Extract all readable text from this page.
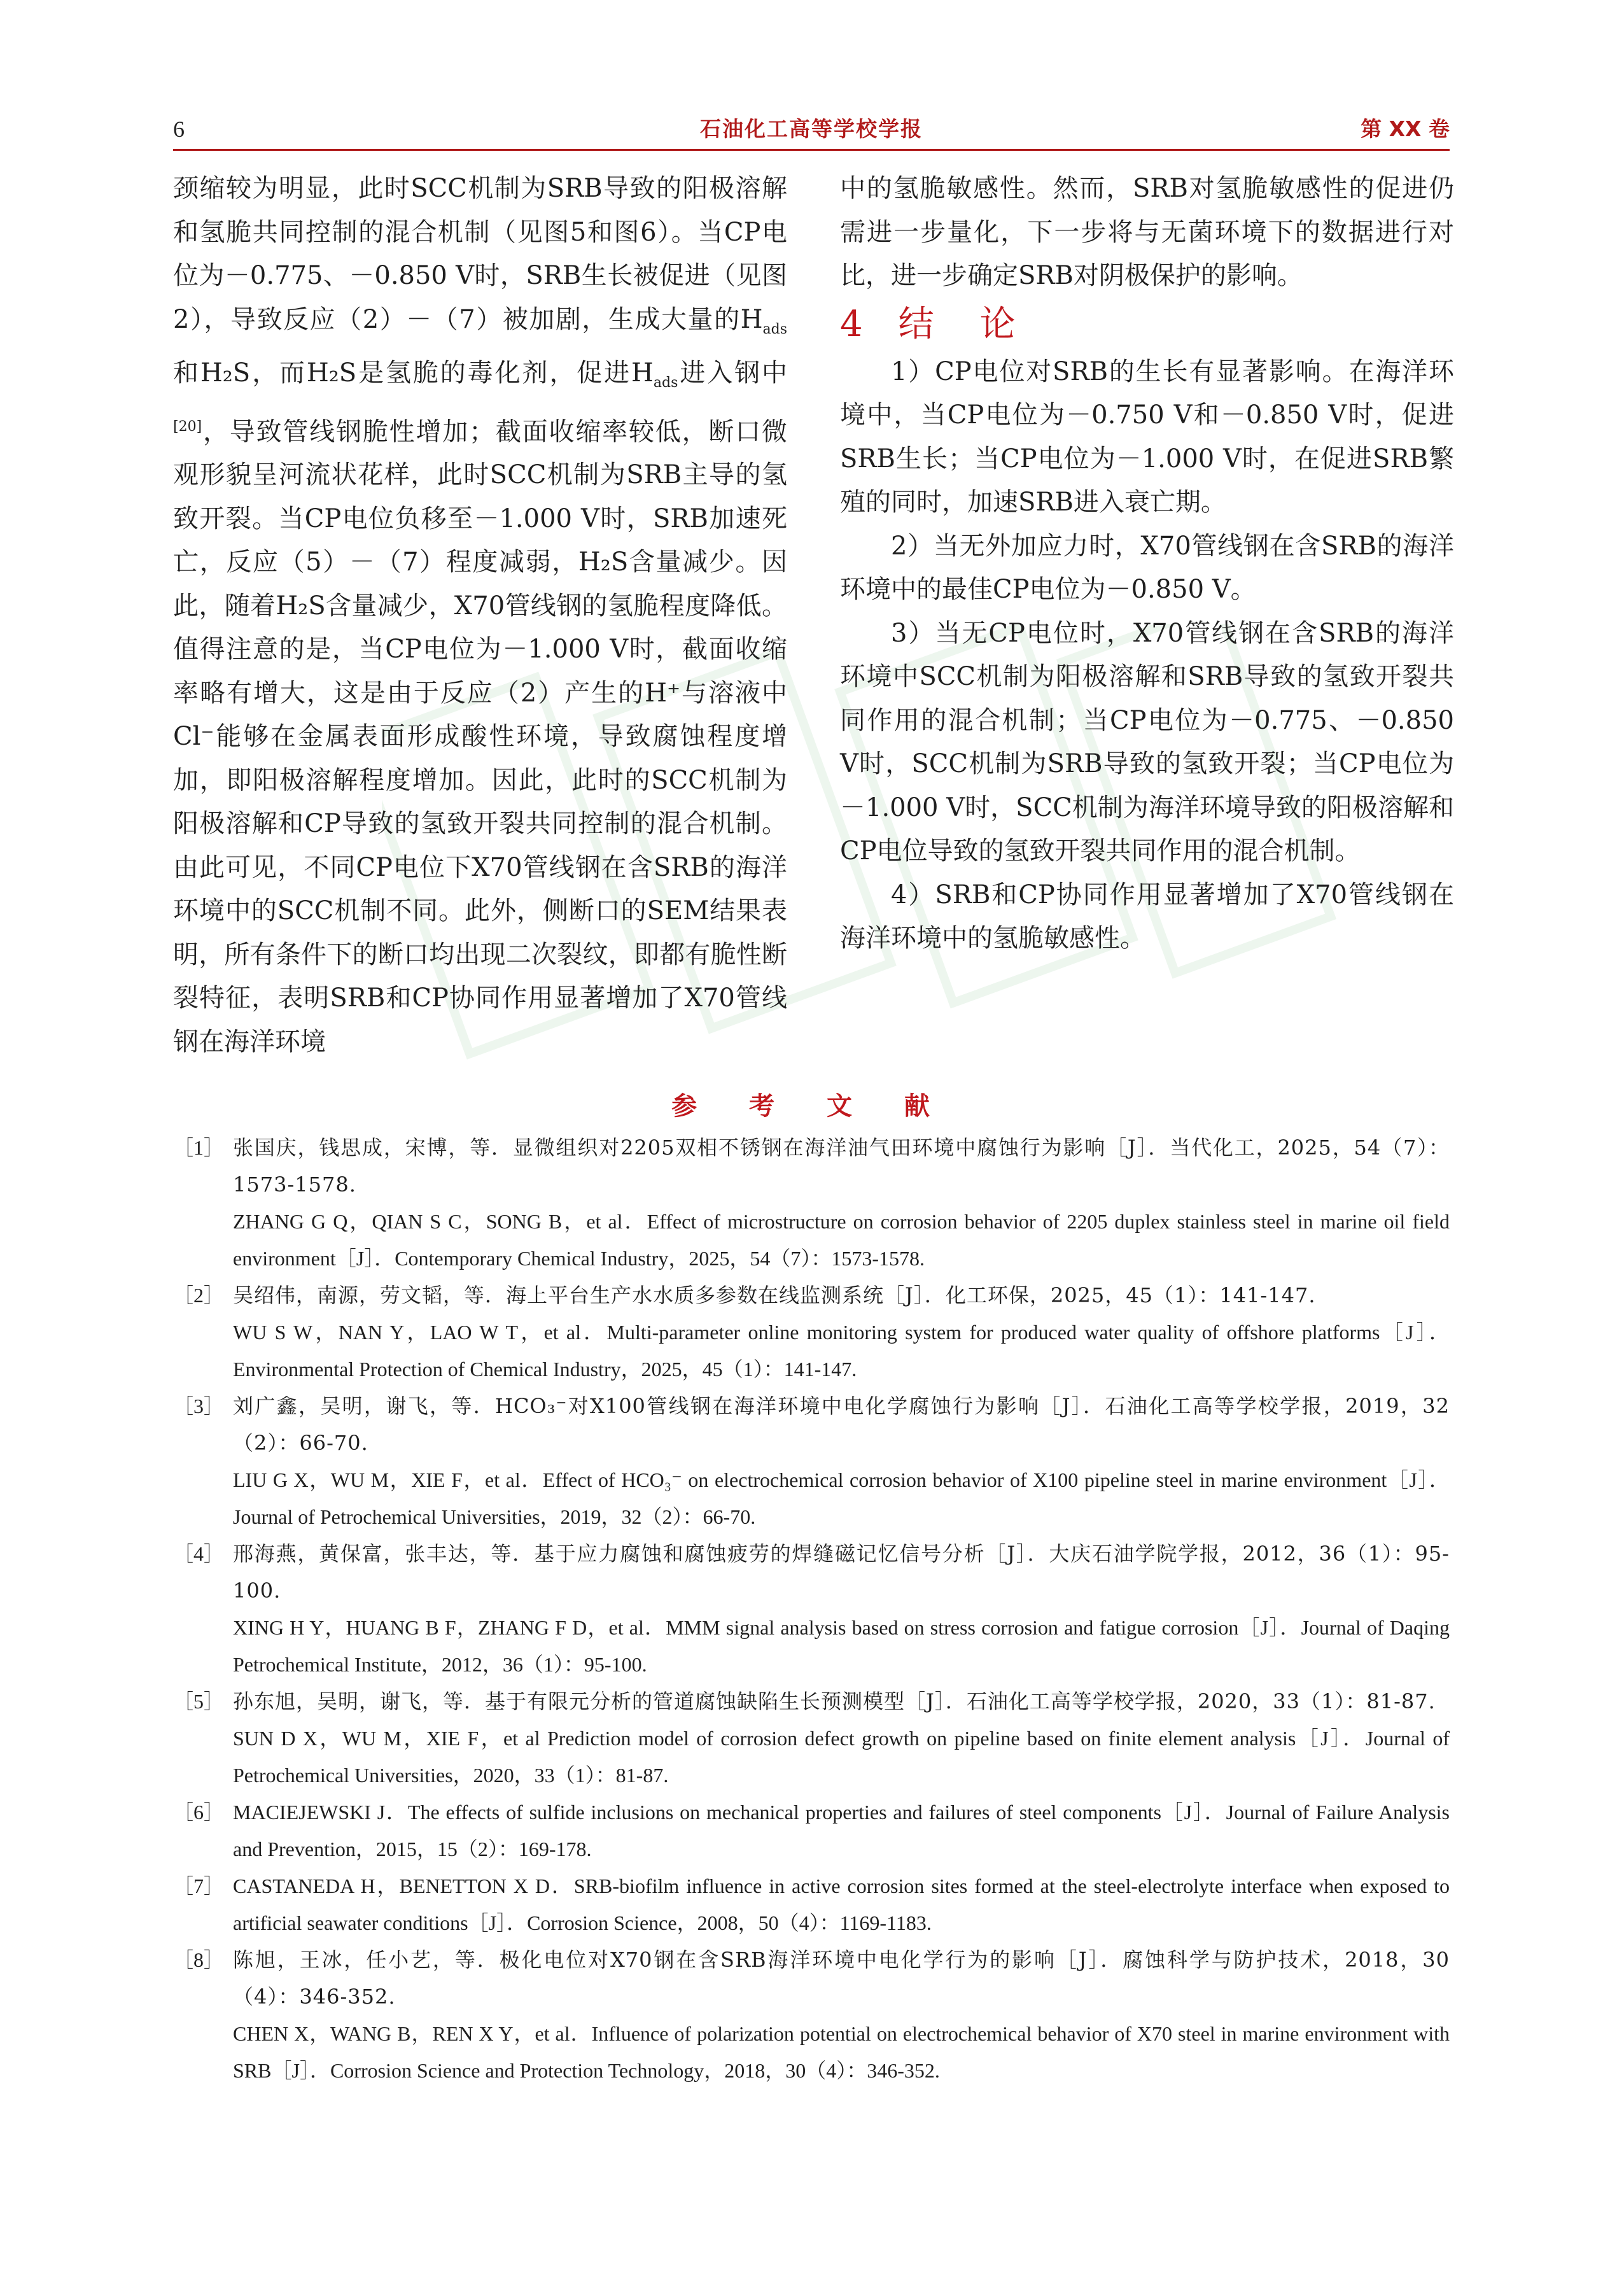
6	石油化工高等学校学报	第 XX 卷

颈缩较为明显，此时SCC机制为SRB导致的阳极溶解和氢脆共同控制的混合机制（见图5和图6）。当CP电位为－0.775、－0.850 V时，SRB生长被促进（见图2），导致反应（2）－（7）被加剧，生成大量的$H_{ads}$和H₂S，而H₂S是氢脆的毒化剂，促进$H_{ads}$进入钢中[20]，导致管线钢脆性增加；截面收缩率较低，断口微观形貌呈河流状花样，此时SCC机制为SRB主导的氢致开裂。当CP电位负移至－1.000 V时，SRB加速死亡，反应（5）－（7）程度减弱，H₂S含量减少。因此，随着H₂S含量减少，X70管线钢的氢脆程度降低。值得注意的是，当CP电位为－1.000 V时，截面收缩率略有增大，这是由于反应（2）产生的H⁺与溶液中Cl⁻能够在金属表面形成酸性环境，导致腐蚀程度增加，即阳极溶解程度增加。因此，此时的SCC机制为阳极溶解和CP导致的氢致开裂共同控制的混合机制。由此可见，不同CP电位下X70管线钢在含SRB的海洋环境中的SCC机制不同。此外，侧断口的SEM结果表明，所有条件下的断口均出现二次裂纹，即都有脆性断裂特征，表明SRB和CP协同作用显著增加了X70管线钢在海洋环境

中的氢脆敏感性。然而，SRB对氢脆敏感性的促进仍需进一步量化，下一步将与无菌环境下的数据进行对比，进一步确定SRB对阴极保护的影响。

4 结　论

1）CP电位对SRB的生长有显著影响。在海洋环境中，当CP电位为－0.750 V和－0.850 V时，促进SRB生长；当CP电位为－1.000 V时，在促进SRB繁殖的同时，加速SRB进入衰亡期。

2）当无外加应力时，X70管线钢在含SRB的海洋环境中的最佳CP电位为－0.850 V。

3）当无CP电位时，X70管线钢在含SRB的海洋环境中SCC机制为阳极溶解和SRB导致的氢致开裂共同作用的混合机制；当CP电位为－0.775、－0.850 V时，SCC机制为SRB导致的氢致开裂；当CP电位为－1.000 V时，SCC机制为海洋环境导致的阳极溶解和CP电位导致的氢致开裂共同作用的混合机制。

4）SRB和CP协同作用显著增加了X70管线钢在海洋环境中的氢脆敏感性。

参 考 文 献
［1］ 张国庆，钱思成，宋博，等．显微组织对2205双相不锈钢在海洋油气田环境中腐蚀行为影响［J］．当代化工，2025，54（7）：1573-1578.
ZHANG G Q，QIAN S C，SONG B，et al．Effect of microstructure on corrosion behavior of 2205 duplex stainless steel in marine oil field environment［J］．Contemporary Chemical Industry，2025，54（7）：1573-1578.
［2］ 吴绍伟，南源，劳文韬，等．海上平台生产水水质多参数在线监测系统［J］．化工环保，2025，45（1）：141-147.
WU S W，NAN Y，LAO W T，et al．Multi-parameter online monitoring system for produced water quality of offshore platforms［J］．Environmental Protection of Chemical Industry，2025，45（1）：141-147.
［3］ 刘广鑫，吴明，谢飞，等．HCO₃⁻对X100管线钢在海洋环境中电化学腐蚀行为影响［J］．石油化工高等学校学报，2019，32（2）：66-70.
LIU G X，WU M，XIE F，et al．Effect of HCO₃⁻ on electrochemical corrosion behavior of X100 pipeline steel in marine environment［J］．Journal of Petrochemical Universities，2019，32（2）：66-70.
［4］ 邢海燕，黄保富，张丰达，等．基于应力腐蚀和腐蚀疲劳的焊缝磁记忆信号分析［J］．大庆石油学院学报，2012，36（1）：95-100.
XING H Y，HUANG B F，ZHANG F D，et al．MMM signal analysis based on stress corrosion and fatigue corrosion［J］．Journal of Daqing Petrochemical Institute，2012，36（1）：95-100.
［5］ 孙东旭，吴明，谢飞，等．基于有限元分析的管道腐蚀缺陷生长预测模型［J］．石油化工高等学校学报，2020，33（1）：81-87.
SUN D X，WU M，XIE F，et al Prediction model of corrosion defect growth on pipeline based on finite element analysis［J］．Journal of Petrochemical Universities，2020，33（1）：81-87.
［6］ MACIEJEWSKI J．The effects of sulfide inclusions on mechanical properties and failures of steel components［J］．Journal of Failure Analysis and Prevention，2015，15（2）：169-178.
［7］ CASTANEDA H，BENETTON X D．SRB-biofilm influence in active corrosion sites formed at the steel-electrolyte interface when exposed to artificial seawater conditions［J］．Corrosion Science，2008，50（4）：1169-1183.
［8］ 陈旭，王冰，任小艺，等．极化电位对X70钢在含SRB海洋环境中电化学行为的影响［J］．腐蚀科学与防护技术，2018，30（4）：346-352.
CHEN X，WANG B，REN X Y，et al．Influence of polarization potential on electrochemical behavior of X70 steel in marine environment with SRB［J］．Corrosion Science and Protection Technology，2018，30（4）：346-352.
